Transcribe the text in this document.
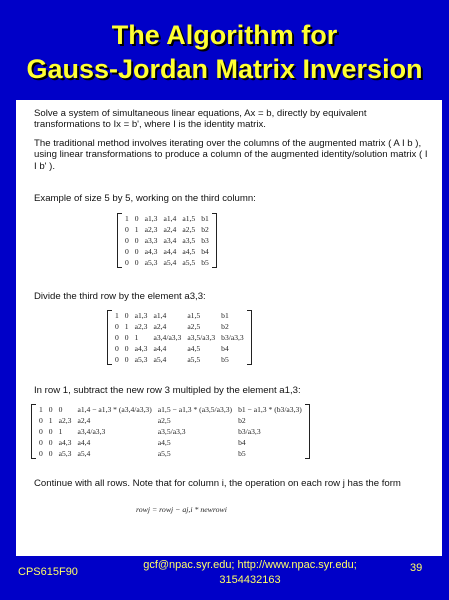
The Algorithm for
Gauss-Jordan Matrix Inversion
Solve a system of simultaneous linear equations, Ax = b, directly by equivalent transformations to Ix = b', where I is the identity matrix.
The traditional method involves iterating over the columns of the augmented matrix ( A I b ), using linear transformations to produce a column of the augmented identity/solution matrix ( I I b' ).
Example of size 5 by 5, working on the third column:
1	0	a1,3	a1,4	a1,5	b1
0	1	a2,3	a2,4	a2,5	b2
0	0	a3,3	a3,4	a3,5	b3
0	0	a4,3	a4,4	a4,5	b4
0	0	a5,3	a5,4	a5,5	b5
Divide the third row by the element a3,3:
1	0	a1,3	a1,4	a1,5	b1
0	1	a2,3	a2,4	a2,5	b2
0	0	1	a3,4/a3,3	a3,5/a3,3	b3/a3,3
0	0	a4,3	a4,4	a4,5	b4
0	0	a5,3	a5,4	a5,5	b5
In row 1, subtract the new row 3 multipled by the element a1,3:
1	0	0	a1,4 − a1,3 * (a3,4/a3,3)	a1,5 − a1,3 * (a3,5/a3,3)	b1 − a1,3 * (b3/a3,3)
0	1	a2,3	a2,4	a2,5	b2
0	0	1	a3,4/a3,3	a3,5/a3,3	b3/a3,3
0	0	a4,3	a4,4	a4,5	b4
0	0	a5,3	a5,4	a5,5	b5
Continue with all rows. Note that for column i, the operation on each row j has the form
rowj = rowj − aj,i * newrowi
CPS615F90
gcf@npac.syr.edu; http://www.npac.syr.edu;
3154432163
39
